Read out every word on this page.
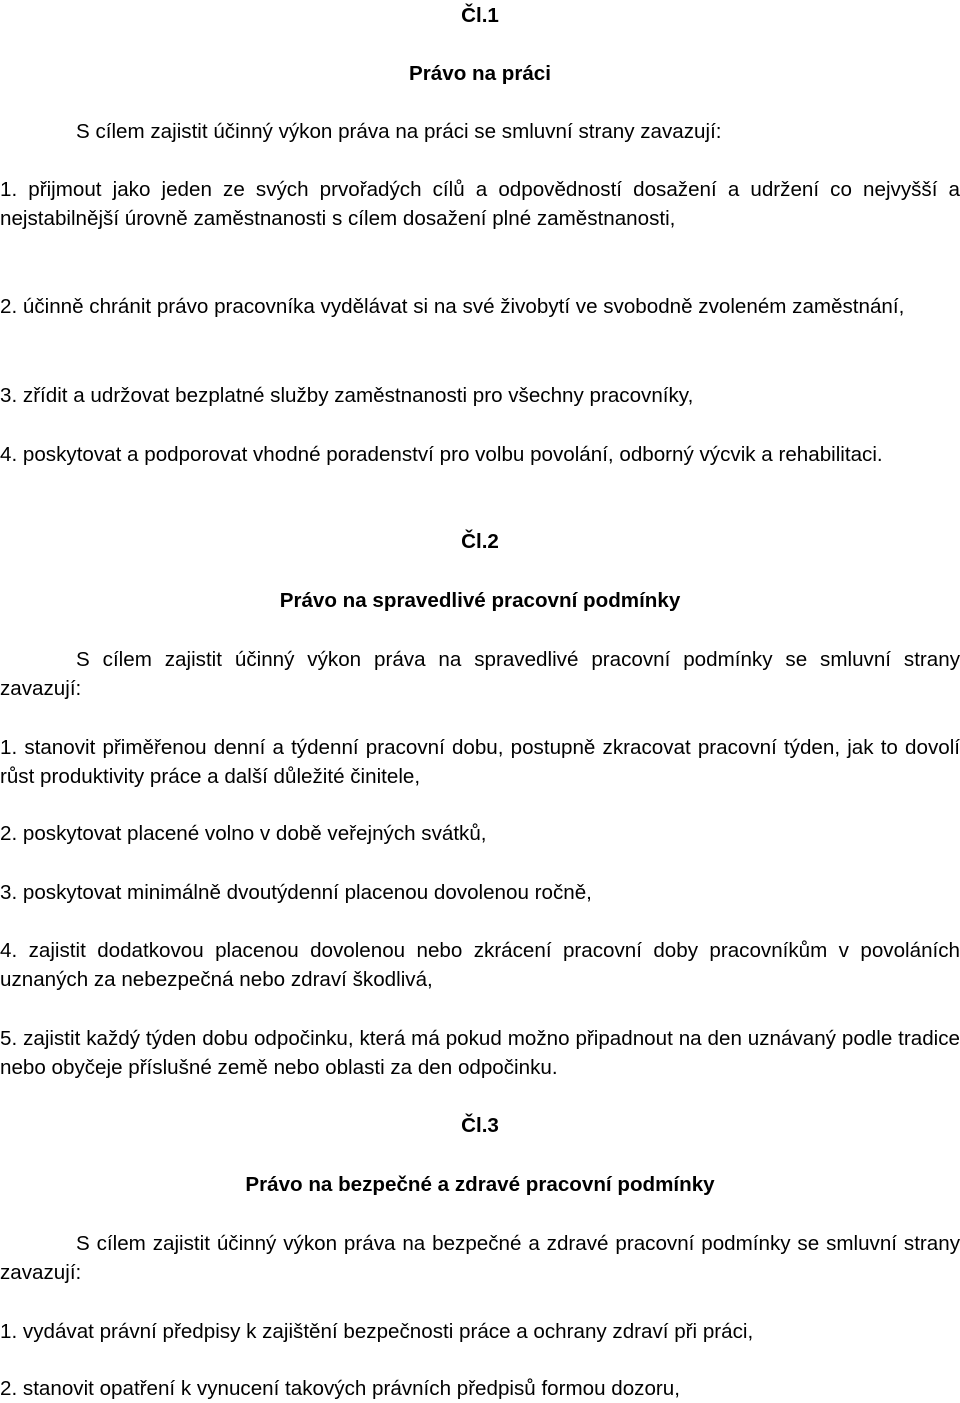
Čl.1

Právo na práci

S cílem zajistit účinný výkon práva na práci se smluvní strany zavazují:

1. přijmout jako jeden ze svých prvořadých cílů a odpovědností dosažení a udržení co nejvyšší a nejstabilnější úrovně zaměstnanosti s cílem dosažení plné zaměstnanosti,

2. účinně chránit právo pracovníka vydělávat si na své živobytí ve svobodně zvoleném zaměstnání,

3. zřídit a udržovat bezplatné služby zaměstnanosti pro všechny pracovníky,

4. poskytovat a podporovat vhodné poradenství pro volbu povolání, odborný výcvik a rehabilitaci.

Čl.2

Právo na spravedlivé pracovní podmínky

S cílem zajistit účinný výkon práva na spravedlivé pracovní podmínky se smluvní strany zavazují:

1. stanovit přiměřenou denní a týdenní pracovní dobu, postupně zkracovat pracovní týden, jak to dovolí růst produktivity práce a další důležité činitele,

2. poskytovat placené volno v době veřejných svátků,

3. poskytovat minimálně dvoutýdenní placenou dovolenou ročně,

4. zajistit dodatkovou placenou dovolenou nebo zkrácení pracovní doby pracovníkům v povoláních uznaných za nebezpečná nebo zdraví škodlivá,

5. zajistit každý týden dobu odpočinku, která má pokud možno připadnout na den uznávaný podle tradice nebo obyčeje příslušné země nebo oblasti za den odpočinku.

Čl.3

Právo na bezpečné a zdravé pracovní podmínky

S cílem zajistit účinný výkon práva na bezpečné a zdravé pracovní podmínky se smluvní strany zavazují:

1. vydávat právní předpisy k zajištění bezpečnosti práce a ochrany zdraví při práci,

2. stanovit opatření k vynucení takových právních předpisů formou dozoru,
